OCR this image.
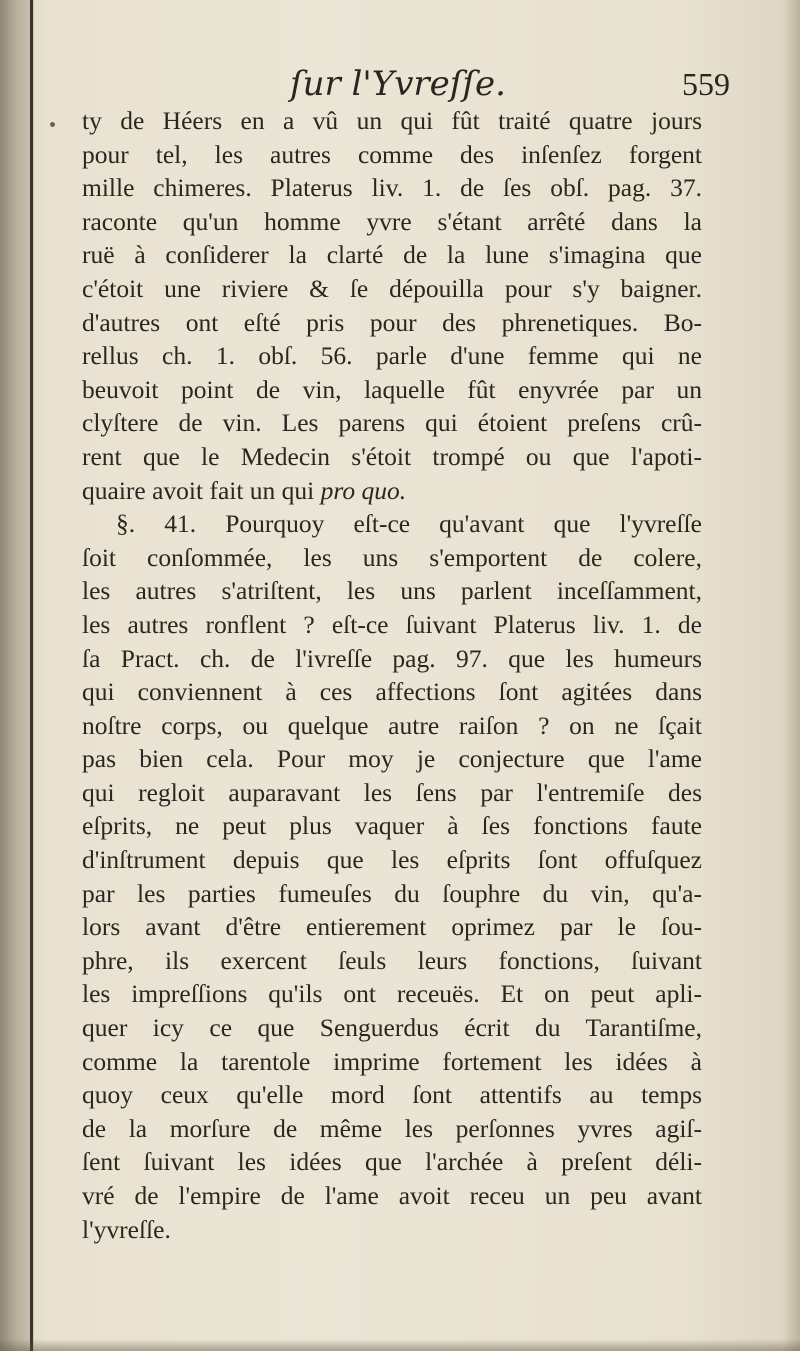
ſur l'Yvreſſe.	559
ty de Héers en a vû un qui fût traité quatre jours
pour tel, les autres comme des inſenſez forgent
mille chimeres. Platerus liv. 1. de ſes obſ. pag. 37.
raconte qu'un homme yvre s'étant arrêté dans la
ruë à conſiderer la clarté de la lune s'imagina que
c'étoit une riviere & ſe dépouilla pour s'y baigner.
d'autres ont eſté pris pour des phrenetiques. Bo-
rellus ch. 1. obſ. 56. parle d'une femme qui ne
beuvoit point de vin, laquelle fût enyvrée par un
clyſtere de vin. Les parens qui étoient preſens crû-
rent que le Medecin s'étoit trompé ou que l'apoti-
quaire avoit fait un qui pro quo.
§. 41. Pourquoy eſt-ce qu'avant que l'yvreſſe
ſoit conſommée, les uns s'emportent de colere,
les autres s'atriſtent, les uns parlent inceſſamment,
les autres ronflent ? eſt-ce ſuivant Platerus liv. 1. de
ſa Pract. ch. de l'ivreſſe pag. 97. que les humeurs
qui conviennent à ces affections ſont agitées dans
noſtre corps, ou quelque autre raiſon ? on ne ſçait
pas bien cela. Pour moy je conjecture que l'ame
qui regloit auparavant les ſens par l'entremiſe des
eſprits, ne peut plus vaquer à ſes fonctions faute
d'inſtrument depuis que les eſprits ſont offuſquez
par les parties fumeuſes du ſouphre du vin, qu'a-
lors avant d'être entierement oprimez par le ſou-
phre, ils exercent ſeuls leurs fonctions, ſuivant
les impreſſions qu'ils ont receuës. Et on peut apli-
quer icy ce que Senguerdus écrit du Tarantiſme,
comme la tarentole imprime fortement les idées à
quoy ceux qu'elle mord ſont attentifs au temps
de la morſure de même les perſonnes yvres agiſ-
ſent ſuivant les idées que l'archée à preſent déli-
vré de l'empire de l'ame avoit receu un peu avant
l'yvreſſe.
